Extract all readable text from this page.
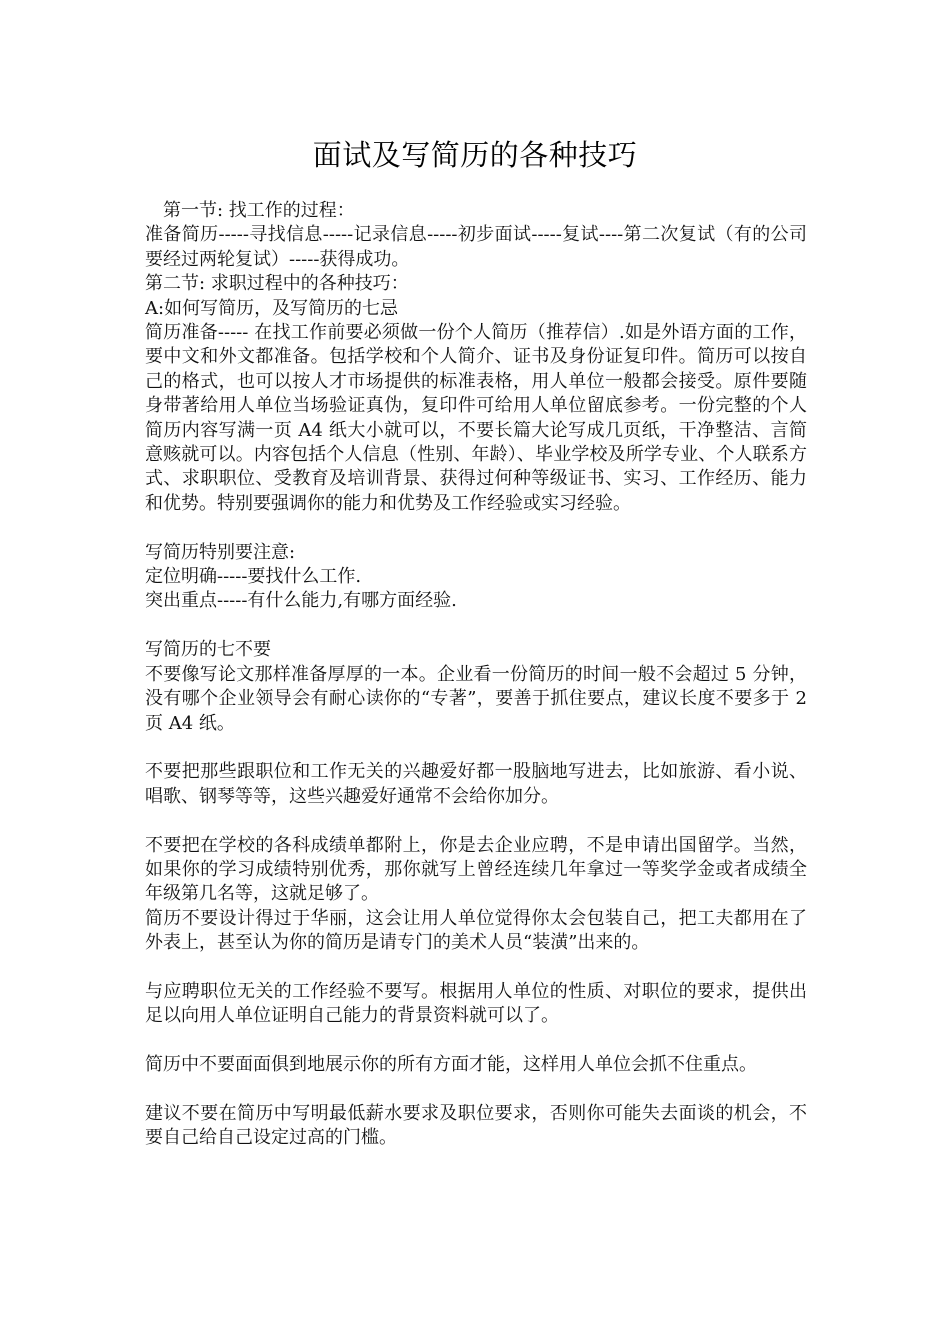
面试及写简历的各种技巧

第一节: 找工作的过程：

准备简历-----寻找信息-----记录信息-----初步面试-----复试----第二次复试（有的公司要经过两轮复试）-----获得成功。

第二节: 求职过程中的各种技巧：

A:如何写简历，及写简历的七忌

简历准备----- 在找工作前要必须做一份个人简历（推荐信）.如是外语方面的工作，要中文和外文都准备。包括学校和个人简介、证书及身份证复印件。简历可以按自己的格式，也可以按人才市场提供的标准表格，用人单位一般都会接受。原件要随身带著给用人单位当场验证真伪，复印件可给用人单位留底参考。一份完整的个人简历内容写满一页 A4 纸大小就可以，不要长篇大论写成几页纸，干净整洁、言简意赅就可以。内容包括个人信息（性别、年龄）、毕业学校及所学专业、个人联系方式、求职职位、受教育及培训背景、获得过何种等级证书、实习、工作经历、能力和优势。特别要强调你的能力和优势及工作经验或实习经验。

写简历特别要注意:

定位明确-----要找什么工作.

突出重点-----有什么能力,有哪方面经验.

写简历的七不要

不要像写论文那样准备厚厚的一本。企业看一份简历的时间一般不会超过 5 分钟，没有哪个企业领导会有耐心读你的“专著”，要善于抓住要点，建议长度不要多于 2 页 A4 纸。

不要把那些跟职位和工作无关的兴趣爱好都一股脑地写进去，比如旅游、看小说、唱歌、钢琴等等，这些兴趣爱好通常不会给你加分。

不要把在学校的各科成绩单都附上，你是去企业应聘，不是申请出国留学。当然，如果你的学习成绩特别优秀，那你就写上曾经连续几年拿过一等奖学金或者成绩全年级第几名等，这就足够了。

简历不要设计得过于华丽，这会让用人单位觉得你太会包装自己，把工夫都用在了外表上，甚至认为你的简历是请专门的美术人员“装潢”出来的。

与应聘职位无关的工作经验不要写。根据用人单位的性质、对职位的要求，提供出足以向用人单位证明自己能力的背景资料就可以了。

简历中不要面面俱到地展示你的所有方面才能，这样用人单位会抓不住重点。

建议不要在简历中写明最低薪水要求及职位要求，否则你可能失去面谈的机会，不要自己给自己设定过高的门槛。
